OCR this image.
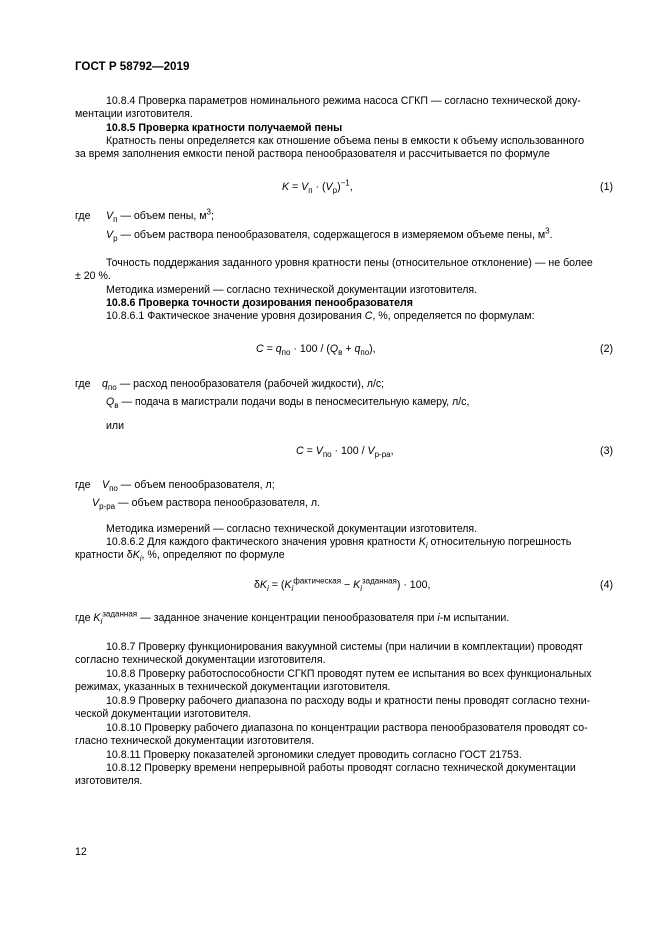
ГОСТ Р 58792—2019
10.8.4 Проверка параметров номинального режима насоса СГКП — согласно технической доку-
ментации изготовителя.
10.8.5 Проверка кратности получаемой пены
Кратность пены определяется как отношение объема пены в емкости к объему использованного
за время заполнения емкости пеной раствора пенообразователя и рассчитывается по формуле
$K = V_п \cdot (V_р)^{-1}$,	(1)
где $V_п$ — объем пены, $м^3$;
$V_р$ — объем раствора пенообразователя, содержащегося в измеряемом объеме пены, $м^3$.
Точность поддержания заданного уровня кратности пены (относительное отклонение) — не более
± 20 %.
Методика измерений — согласно технической документации изготовителя.
10.8.6 Проверка точности дозирования пенообразователя
10.8.6.1 Фактическое значение уровня дозирования C, %, определяется по формулам:
$C = q_{по} \cdot 100 / (Q_в + q_{по})$,	(2)
где $q_{по}$ — расход пенообразователя (рабочей жидкости), л/с;
$Q_в$ — подача в магистрали подачи воды в пеносмесительную камеру, л/с,
или
$C = V_{по} \cdot 100 / V_{р-ра}$,	(3)
где $V_{по}$ — объем пенообразователя, л;
$V_{р-ра}$ — объем раствора пенообразователя, л.
Методика измерений — согласно технической документации изготовителя.
10.8.6.2 Для каждого фактического значения уровня кратности $K_i$ относительную погрешность
кратности $\delta K_i$, %, определяют по формуле
$\delta K_i = (K_i^{фактическая} - K_i^{заданная}) \cdot 100$,	(4)
где $K_i^{заданная}$ — заданное значение концентрации пенообразователя при i-м испытании.
10.8.7 Проверку функционирования вакуумной системы (при наличии в комплектации) проводят
согласно технической документации изготовителя.
10.8.8 Проверку работоспособности СГКП проводят путем ее испытания во всех функциональных
режимах, указанных в технической документации изготовителя.
10.8.9 Проверку рабочего диапазона по расходу воды и кратности пены проводят согласно техни-
ческой документации изготовителя.
10.8.10 Проверку рабочего диапазона по концентрации раствора пенообразователя проводят со-
гласно технической документации изготовителя.
10.8.11 Проверку показателей эргономики следует проводить согласно ГОСТ 21753.
10.8.12 Проверку времени непрерывной работы проводят согласно технической документации
изготовителя.
12
